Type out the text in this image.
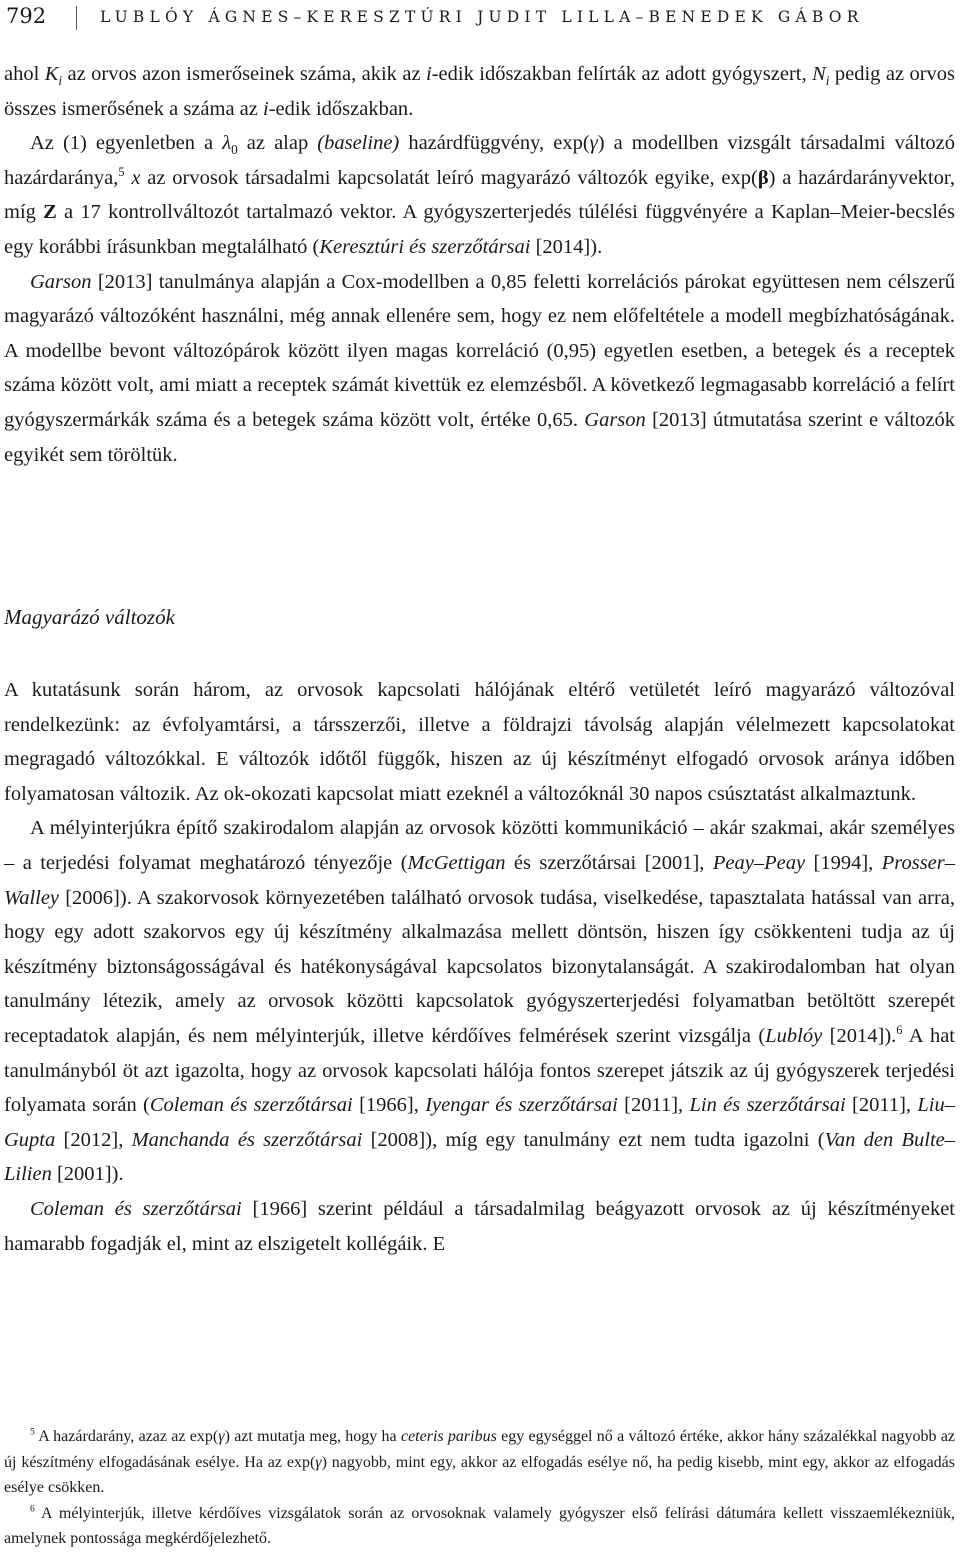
792	LUBLÓY ÁGNES–KERESZTÚRI JUDIT LILLA–BENEDEK GÁBOR

ahol $K_i$ az orvos azon ismerőseinek száma, akik az i-edik időszakban felírták az adott gyógyszert, $N_i$ pedig az orvos összes ismerősének a száma az i-edik időszakban.

Az (1) egyenletben a $\lambda_0$ az alap (baseline) hazárdfüggvény, exp(γ) a modellben vizsgált társadalmi változó hazárdaránya,$^5$ x az orvosok társadalmi kapcsolatát leíró magyarázó változók egyike, exp(β) a hazárdarányvektor, míg Z a 17 kontrollváltozót tartalmazó vektor. A gyógyszerterjedés túlélési függvényére a Kaplan–Meier-becslés egy korábbi írásunkban megtalálható (Keresztúri és szerzőtársai [2014]).

Garson [2013] tanulmánya alapján a Cox-modellben a 0,85 feletti korrelációs párokat együttesen nem célszerű magyarázó változóként használni, még annak ellenére sem, hogy ez nem előfeltétele a modell megbízhatóságának. A modellbe bevont változópárok között ilyen magas korreláció (0,95) egyetlen esetben, a betegek és a receptek száma között volt, ami miatt a receptek számát kivettük ez elemzésből. A következő legmagasabb korreláció a felírt gyógyszermárkák száma és a betegek száma között volt, értéke 0,65. Garson [2013] útmutatása szerint e változók egyikét sem töröltük.

Magyarázó változók

A kutatásunk során három, az orvosok kapcsolati hálójának eltérő vetületét leíró magyarázó változóval rendelkezünk: az évfolyamtársi, a társszerzői, illetve a földrajzi távolság alapján vélelmezett kapcsolatokat megragadó változókkal. E változók időtől függők, hiszen az új készítményt elfogadó orvosok aránya időben folyamatosan változik. Az ok-okozati kapcsolat miatt ezeknél a változóknál 30 napos csúsztatást alkalmaztunk.

A mélyinterjúkra építő szakirodalom alapján az orvosok közötti kommunikáció – akár szakmai, akár személyes – a terjedési folyamat meghatározó tényezője (McGettigan és szerzőtársai [2001], Peay–Peay [1994], Prosser–Walley [2006]). A szakorvosok környezetében található orvosok tudása, viselkedése, tapasztalata hatással van arra, hogy egy adott szakorvos egy új készítmény alkalmazása mellett döntsön, hiszen így csökkenteni tudja az új készítmény biztonságosságával és hatékonyságával kapcsolatos bizonytalanságát. A szakirodalomban hat olyan tanulmány létezik, amely az orvosok közötti kapcsolatok gyógyszerterjedési folyamatban betöltött szerepét receptadatok alapján, és nem mélyinterjúk, illetve kérdőíves felmérések szerint vizsgálja (Lublóy [2014]).$^6$ A hat tanulmányból öt azt igazolta, hogy az orvosok kapcsolati hálója fontos szerepet játszik az új gyógyszerek terjedési folyamata során (Coleman és szerzőtársai [1966], Iyengar és szerzőtársai [2011], Lin és szerzőtársai [2011], Liu–Gupta [2012], Manchanda és szerzőtársai [2008]), míg egy tanulmány ezt nem tudta igazolni (Van den Bulte–Lilien [2001]).

Coleman és szerzőtársai [1966] szerint például a társadalmilag beágyazott orvosok az új készítményeket hamarabb fogadják el, mint az elszigetelt kollégáik. E

$^5$ A hazárdarány, azaz az exp(γ) azt mutatja meg, hogy ha ceteris paribus egy egységgel nő a változó értéke, akkor hány százalékkal nagyobb az új készítmény elfogadásának esélye. Ha az exp(γ) nagyobb, mint egy, akkor az elfogadás esélye nő, ha pedig kisebb, mint egy, akkor az elfogadás esélye csökken.

$^6$ A mélyinterjúk, illetve kérdőíves vizsgálatok során az orvosoknak valamely gyógyszer első felírási dátumára kellett visszaemlékezniük, amelynek pontossága megkérdőjelezhető.
